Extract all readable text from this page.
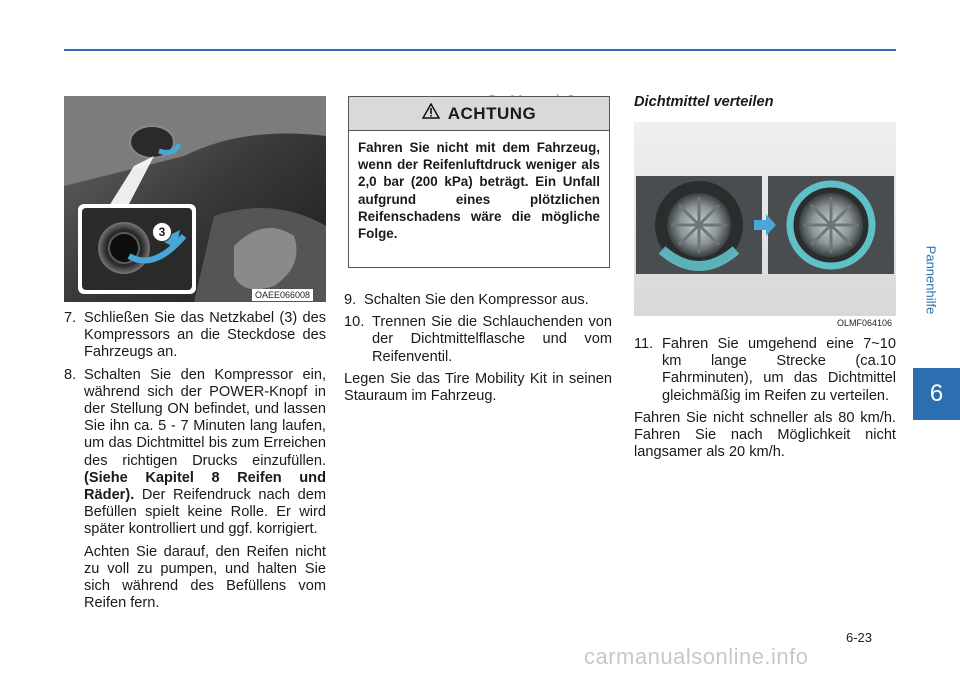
3
OAEE066008
7. Schließen Sie das Netzkabel (3) des Kompressors an die Steckdose des Fahrzeugs an.
8. Schalten Sie den Kompressor ein, während sich der POWER-Knopf in der Stellung ON befindet, und lassen Sie ihn ca. 5 - 7 Minuten lang laufen, um das Dichtmittel bis zum Erreichen des richtigen Drucks einzufüllen. (Siehe Kapitel 8 Reifen und Räder). Der Reifendruck nach dem Befüllen spielt keine Rolle. Er wird später kontrolliert und ggf. korrigiert.

Achten Sie darauf, den Reifen nicht zu voll zu pumpen, und halten Sie sich während des Befüllens vom Reifen fern.

ACHTUNG
Fahren Sie nicht mit dem Fahrzeug, wenn der Reifenluftdruck weniger als 2,0 bar (200 kPa) beträgt. Ein Unfall aufgrund eines plötzlichen Reifenschadens wäre die mögliche Folge.
9. Schalten Sie den Kompressor aus.
10. Trennen Sie die Schlauchenden von der Dichtmittelflasche und vom Reifenventil.

Legen Sie das Tire Mobility Kit in seinen Stauraum im Fahrzeug.

Dichtmittel verteilen
OLMF064106
11. Fahren Sie umgehend eine 7~10 km lange Strecke (ca.10 Fahrminuten), um das Dichtmittel gleichmäßig im Reifen zu verteilen.

Fahren Sie nicht schneller als 80 km/h. Fahren Sie nach Möglichkeit nicht langsamer als 20 km/h.

Pannenhilfe
6
6-23
carmanualsonline.info
